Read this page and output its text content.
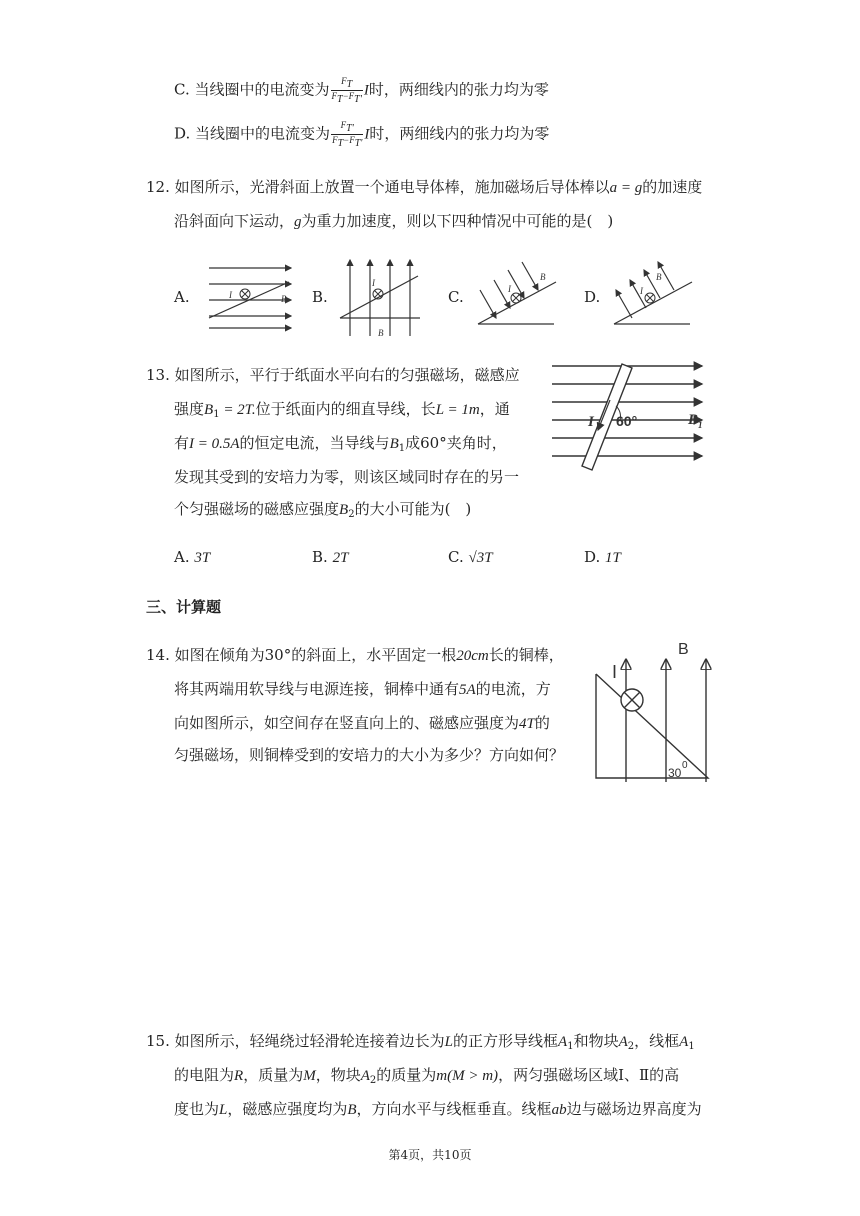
C. 当线圈中的电流变为 $\frac{FT}{FT-FT'}$ I时，两细线内的张力均为零
D. 当线圈中的电流变为 $\frac{FT'}{FT-FT'}$ I时，两细线内的张力均为零
12. 如图所示，光滑斜面上放置一个通电导体棒，施加磁场后导体棒以a = g的加速度
沿斜面向下运动，g为重力加速度，则以下四种情况中可能的是(　)
A.	B.	C.	D.
I	B
I
B
I
B
I
B
13. 如图所示，平行于纸面水平向右的匀强磁场，磁感应
强度$B_1 = 2T$.位于纸面内的细直导线，长L = 1m，通
有I = 0.5A的恒定电流，当导线与$B_1$成60°夹角时，
发现其受到的安培力为零，则该区域同时存在的另一
个匀强磁场的磁感应强度$B_2$的大小可能为(　)
I 60°	$B_1$
A. 3T	B. 2T	C. √3T	D. 1T
三、计算题
14. 如图在倾角为30°的斜面上，水平固定一根20cm长的铜棒，
将其两端用软导线与电源连接，铜棒中通有5A的电流，方
向如图所示，如空间存在竖直向上的、磁感应强度为4T的
匀强磁场，则铜棒受到的安培力的大小为多少？方向如何？
I
B
30
0
15. 如图所示，轻绳绕过轻滑轮连接着边长为L的正方形导线框$A_1$和物块$A_2$，线框$A_1$
的电阻为R，质量为M，物块$A_2$的质量为m(M > m)，两匀强磁场区域Ⅰ、Ⅱ的高
度也为L，磁感应强度均为B，方向水平与线框垂直。线框ab边与磁场边界高度为
第4页，共10页
